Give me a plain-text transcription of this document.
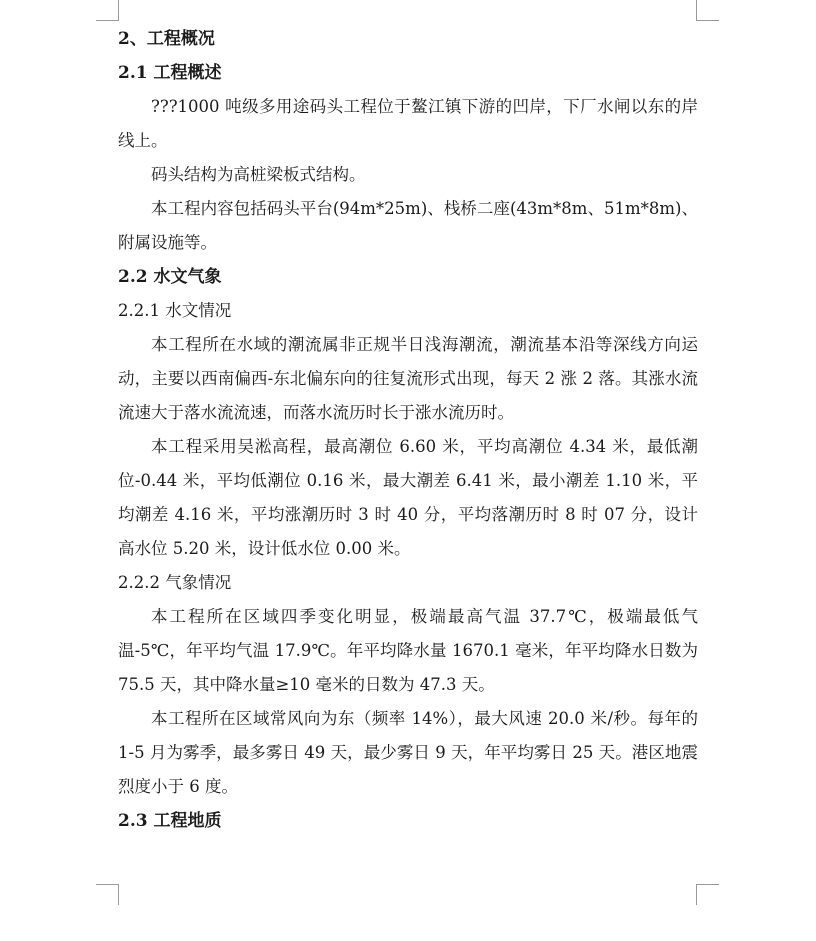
2、工程概况

2.1 工程概述

???1000 吨级多用途码头工程位于鳌江镇下游的凹岸，下厂水闸以东的岸线上。

码头结构为高桩梁板式结构。

本工程内容包括码头平台(94m*25m)、栈桥二座(43m*8m、51m*8m)、附属设施等。

2.2 水文气象

2.2.1 水文情况

本工程所在水域的潮流属非正规半日浅海潮流，潮流基本沿等深线方向运动，主要以西南偏西-东北偏东向的往复流形式出现，每天 2 涨 2 落。其涨水流流速大于落水流流速，而落水流历时长于涨水流历时。

本工程采用吴淞高程，最高潮位 6.60 米，平均高潮位 4.34 米，最低潮位-0.44 米，平均低潮位 0.16 米，最大潮差 6.41 米，最小潮差 1.10 米，平均潮差 4.16 米，平均涨潮历时 3 时 40 分，平均落潮历时 8 时 07 分，设计高水位 5.20 米，设计低水位 0.00 米。

2.2.2 气象情况

本工程所在区域四季变化明显，极端最高气温 37.7℃，极端最低气温-5℃，年平均气温 17.9℃。年平均降水量 1670.1 毫米，年平均降水日数为 75.5 天，其中降水量≥10 毫米的日数为 47.3 天。

本工程所在区域常风向为东（频率 14%），最大风速 20.0 米/秒。每年的 1-5 月为雾季，最多雾日 49 天，最少雾日 9 天，年平均雾日 25 天。港区地震烈度小于 6 度。

2.3 工程地质
